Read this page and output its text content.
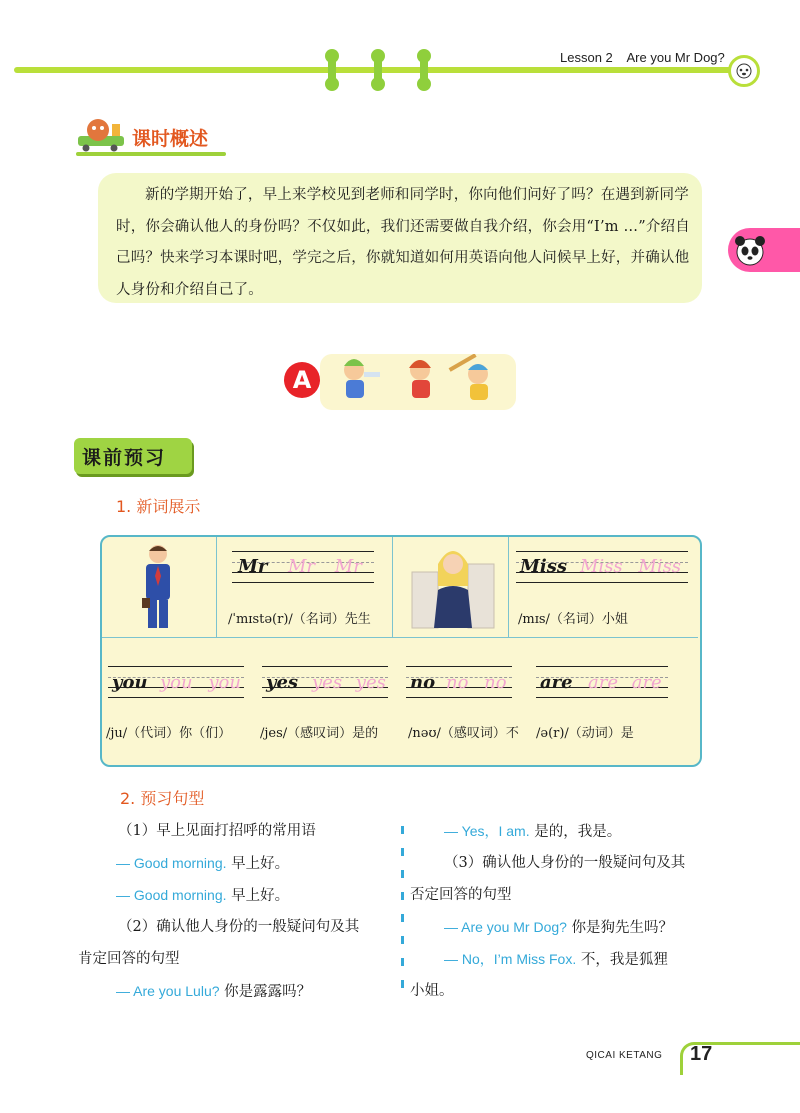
Lesson 2 Are you Mr Dog?
课时概述
新的学期开始了，早上来学校见到老师和同学时，你向他们问好了吗？在遇到新同学时，你会确认他人的身份吗？不仅如此，我们还需要做自我介绍，你会用“I’m …”介绍自己吗？快来学习本课时吧，学完之后，你就知道如何用英语向他人问候早上好，并确认他人身份和介绍自己了。
A
课前预习
1. 新词展示
Mr Mr Mr
/ˈmɪstə(r)/（名词）先生
Miss Miss Miss
/mɪs/（名词）小姐
you you you
/ju/（代词）你（们）
yes yes yes
/jes/（感叹词）是的
no no no
/nəʊ/（感叹词）不
are are are
/ə(r)/（动词）是
2. 预习句型
（1）早上见面打招呼的常用语
— Good morning. 早上好。
— Good morning. 早上好。
（2）确认他人身份的一般疑问句及其
肯定回答的句型
— Are you Lulu? 你是露露吗？
— Yes，I am. 是的，我是。
（3）确认他人身份的一般疑问句及其
否定回答的句型
— Are you Mr Dog? 你是狗先生吗？
— No，I’m Miss Fox. 不，我是狐狸
小姐。
QICAI KETANG 17
